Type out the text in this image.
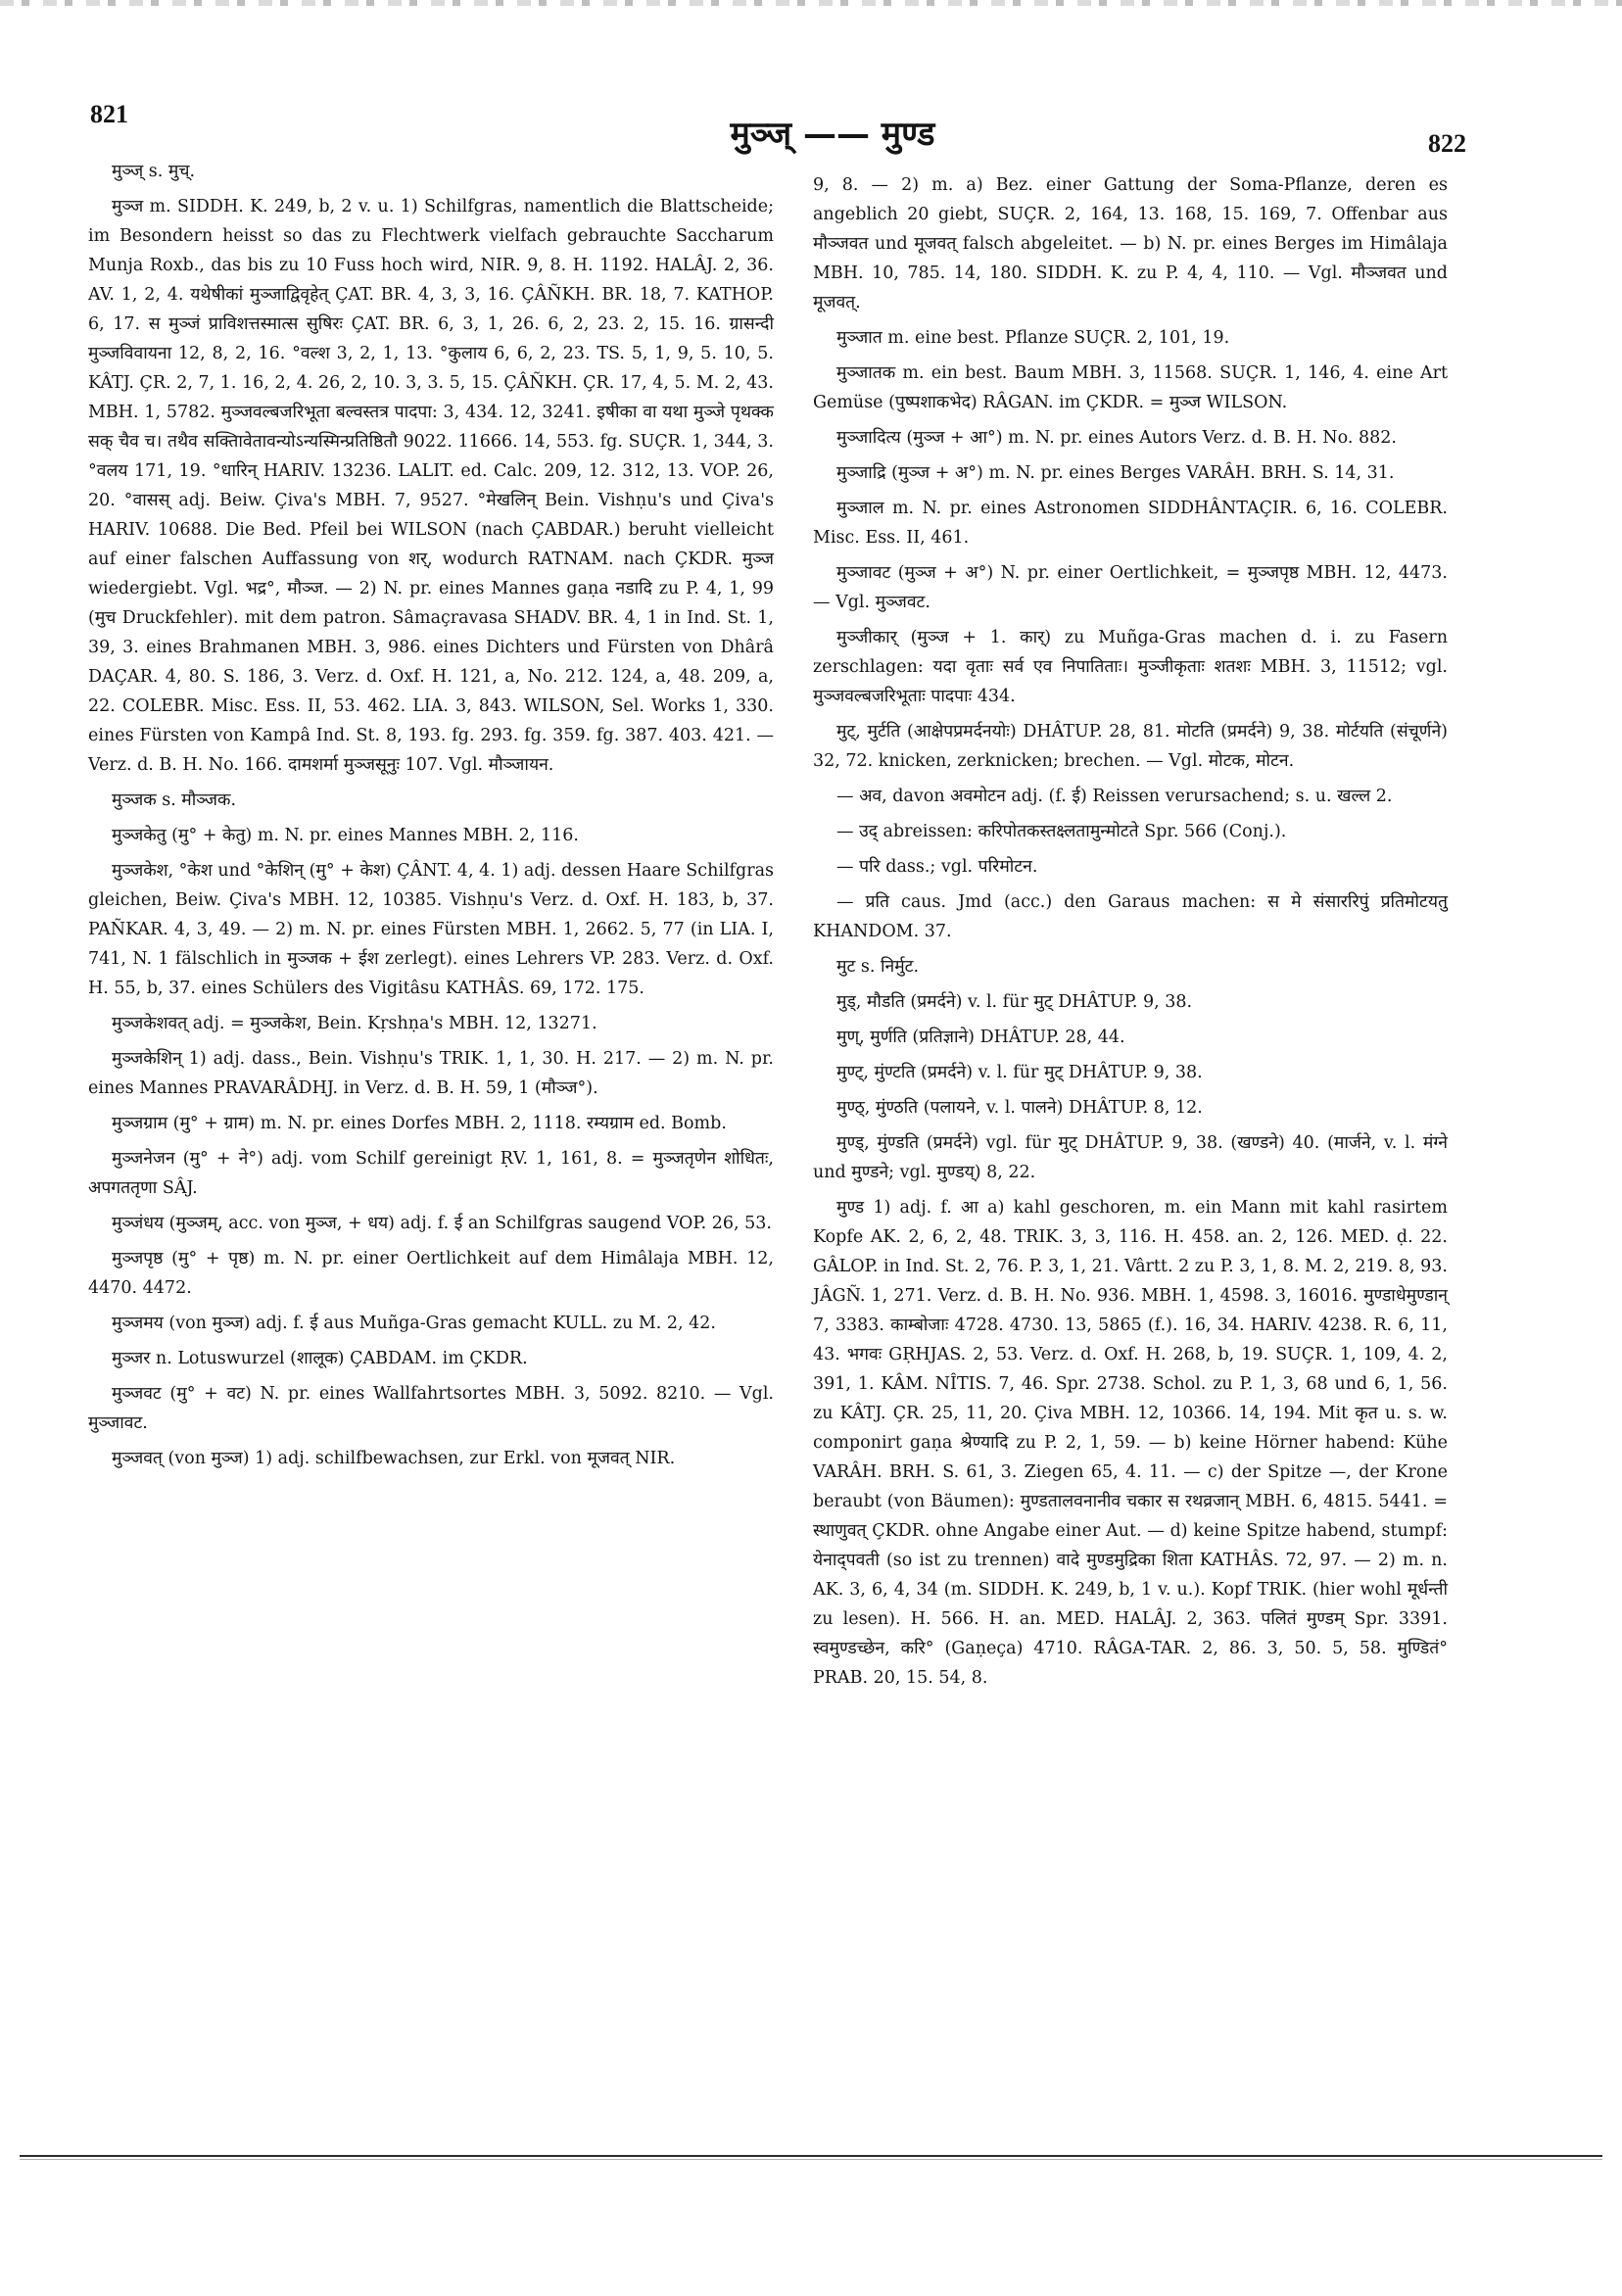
821
मुञ्ज् —— मुण्ड	822

मुञ्ज् s. मुच्.

मुञ्ज m. SIDDH. K. 249, b, 2 v. u. 1) Schilfgras, namentlich die Blattscheide; im Besondern heisst so das zu Flechtwerk vielfach gebrauchte Saccharum Munja Roxb., das bis zu 10 Fuss hoch wird, NIR. 9, 8. H. 1192. HALÂJ. 2, 36. AV. 1, 2, 4. यथेषीकां मुञ्जाद्विवृहेत् ÇAT. BR. 4, 3, 3, 16. ÇÂÑKH. BR. 18, 7. KATHOP. 6, 17. स मुञ्जं प्राविशत्तस्मात्स सुषिरः ÇAT. BR. 6, 3, 1, 26. 6, 2, 23. 2, 15. 16. ग्रासन्दी मुञ्जविवायना 12, 8, 2, 16. °वल्श 3, 2, 1, 13. °कुलाय 6, 6, 2, 23. TS. 5, 1, 9, 5. 10, 5. KÂTJ. ÇR. 2, 7, 1. 16, 2, 4. 26, 2, 10. 3, 3. 5, 15. ÇÂÑKH. ÇR. 17, 4, 5. M. 2, 43. MBH. 1, 5782. मुञ्जवल्बजरिभूता बल्वस्तत्र पादपा: 3, 434. 12, 3241. इषीका वा यथा मुञ्जे पृथक्क सक् चैव च। तथैव सक्तिावेतावन्योऽन्यस्मिन्प्रतिष्ठितौ 9022. 11666. 14, 553. fg. SUÇR. 1, 344, 3. °वलय 171, 19. °धारिन् HARIV. 13236. LALIT. ed. Calc. 209, 12. 312, 13. VOP. 26, 20. °वासस् adj. Beiw. Çiva's MBH. 7, 9527. °मेखलिन् Bein. Vishṇu's und Çiva's HARIV. 10688. Die Bed. Pfeil bei WILSON (nach ÇABDAR.) beruht vielleicht auf einer falschen Auffassung von शर्, wodurch RATNAM. nach ÇKDR. मुञ्ज wiedergiebt. Vgl. भद्र°, मौञ्ज. — 2) N. pr. eines Mannes gaṇa नडादि zu P. 4, 1, 99 (मुच Druckfehler). mit dem patron. Sâmaçravasa SHADV. BR. 4, 1 in Ind. St. 1, 39, 3. eines Brahmanen MBH. 3, 986. eines Dichters und Fürsten von Dhârâ DAÇAR. 4, 80. S. 186, 3. Verz. d. Oxf. H. 121, a, No. 212. 124, a, 48. 209, a, 22. COLEBR. Misc. Ess. II, 53. 462. LIA. 3, 843. WILSON, Sel. Works 1, 330. eines Fürsten von Kampâ Ind. St. 8, 193. fg. 293. fg. 359. fg. 387. 403. 421. — Verz. d. B. H. No. 166. दामशर्मा मुञ्जसूनुः 107. Vgl. मौञ्जायन.

मुञ्जक s. मौञ्जक.

मुञ्जकेतु (मु° + केतु) m. N. pr. eines Mannes MBH. 2, 116.

मुञ्जकेश, °केश und °केशिन् (मु° + केश) ÇÂNT. 4, 4. 1) adj. dessen Haare Schilfgras gleichen, Beiw. Çiva's MBH. 12, 10385. Vishṇu's Verz. d. Oxf. H. 183, b, 37. PAÑKAR. 4, 3, 49. — 2) m. N. pr. eines Fürsten MBH. 1, 2662. 5, 77 (in LIA. I, 741, N. 1 fälschlich in मुञ्जक + ईश zerlegt). eines Lehrers VP. 283. Verz. d. Oxf. H. 55, b, 37. eines Schülers des Vigitâsu KATHÂS. 69, 172. 175.

मुञ्जकेशवत् adj. = मुञ्जकेश, Bein. Kṛshṇa's MBH. 12, 13271.

मुञ्जकेशिन् 1) adj. dass., Bein. Vishṇu's TRIK. 1, 1, 30. H. 217. — 2) m. N. pr. eines Mannes PRAVARÂDHJ. in Verz. d. B. H. 59, 1 (मौञ्ज°).

मुञ्जग्राम (मु° + ग्राम) m. N. pr. eines Dorfes MBH. 2, 1118. रम्यग्राम ed. Bomb.

मुञ्जनेजन (मु° + ने°) adj. vom Schilf gereinigt ṚV. 1, 161, 8. = मुञ्जतृणेन शोधितः, अपगततृणा SÂJ.

मुञ्जंधय (मुञ्जम्, acc. von मुञ्ज, + धय) adj. f. ई an Schilfgras saugend VOP. 26, 53.

मुञ्जपृष्ठ (मु° + पृष्ठ) m. N. pr. einer Oertlichkeit auf dem Himâlaja MBH. 12, 4470. 4472.

मुञ्जमय (von मुञ्ज) adj. f. ई aus Muñga-Gras gemacht KULL. zu M. 2, 42.

मुञ्जर n. Lotuswurzel (शालूक) ÇABDAM. im ÇKDR.

मुञ्जवट (मु° + वट) N. pr. eines Wallfahrtsortes MBH. 3, 5092. 8210. — Vgl. मुञ्जावट.

मुञ्जवत् (von मुञ्ज) 1) adj. schilfbewachsen, zur Erkl. von मूजवत् NIR.

9, 8. — 2) m. a) Bez. einer Gattung der Soma-Pflanze, deren es angeblich 20 giebt, SUÇR. 2, 164, 13. 168, 15. 169, 7. Offenbar aus मौञ्जवत und मूजवत् falsch abgeleitet. — b) N. pr. eines Berges im Himâlaja MBH. 10, 785. 14, 180. SIDDH. K. zu P. 4, 4, 110. — Vgl. मौञ्जवत und मूजवत्.

मुञ्जात m. eine best. Pflanze SUÇR. 2, 101, 19.

मुञ्जातक m. ein best. Baum MBH. 3, 11568. SUÇR. 1, 146, 4. eine Art Gemüse (पुष्पशाकभेद) RÂGAN. im ÇKDR. = मुञ्ज WILSON.

मुञ्जादित्य (मुञ्ज + आ°) m. N. pr. eines Autors Verz. d. B. H. No. 882.

मुञ्जाद्रि (मुञ्ज + अ°) m. N. pr. eines Berges VARÂH. BRH. S. 14, 31.

मुञ्जाल m. N. pr. eines Astronomen SIDDHÂNTAÇIR. 6, 16. COLEBR. Misc. Ess. II, 461.

मुञ्जावट (मुञ्ज + अ°) N. pr. einer Oertlichkeit, = मुञ्जपृष्ठ MBH. 12, 4473. — Vgl. मुञ्जवट.

मुञ्जीकार् (मुञ्ज + 1. कार्) zu Muñga-Gras machen d. i. zu Fasern zerschlagen: यदा वृताः सर्व एव निपातिताः। मुञ्जीकृताः शतशः MBH. 3, 11512; vgl. मुञ्जवल्बजरिभूताः पादपाः 434.

मुट्, मुर्टति (आक्षेपप्रमर्दनयोः) DHÂTUP. 28, 81. मोटति (प्रमर्दने) 9, 38. मोर्टयति (संचूर्णने) 32, 72. knicken, zerknicken; brechen. — Vgl. मोटक, मोटन.

— अव, davon अवमोटन adj. (f. ई) Reissen verursachend; s. u. खल्ल 2.

— उद् abreissen: करिपोतकस्तक्ष्लतामुन्मोटते Spr. 566 (Conj.).

— परि dass.; vgl. परिमोटन.

— प्रति caus. Jmd (acc.) den Garaus machen: स मे संसाररिपुं प्रतिमोटयतु KHANDOM. 37.

मुट s. निर्मुट.

मुड्, मौडति (प्रमर्दने) v. l. für मुट् DHÂTUP. 9, 38.

मुण्, मुर्णति (प्रतिज्ञाने) DHÂTUP. 28, 44.

मुण्ट्, मुंण्टति (प्रमर्दने) v. l. für मुट् DHÂTUP. 9, 38.

मुण्ठ्, मुंण्ठति (पलायने, v. l. पालने) DHÂTUP. 8, 12.

मुण्ड्, मुंण्डति (प्रमर्दने) vgl. für मुट् DHÂTUP. 9, 38. (खण्डने) 40. (मार्जने, v. l. मंग्ने und मुण्डने; vgl. मुण्डय्) 8, 22.

मुण्ड 1) adj. f. आ a) kahl geschoren, m. ein Mann mit kahl rasirtem Kopfe AK. 2, 6, 2, 48. TRIK. 3, 3, 116. H. 458. an. 2, 126. MED. ḍ. 22. GÂLOP. in Ind. St. 2, 76. P. 3, 1, 21. Vârtt. 2 zu P. 3, 1, 8. M. 2, 219. 8, 93. JÂGÑ. 1, 271. Verz. d. B. H. No. 936. MBH. 1, 4598. 3, 16016. मुण्डाधेमुण्डान् 7, 3383. काम्बोजाः 4728. 4730. 13, 5865 (f.). 16, 34. HARIV. 4238. R. 6, 11, 43. भगवः GṚHJAS. 2, 53. Verz. d. Oxf. H. 268, b, 19. SUÇR. 1, 109, 4. 2, 391, 1. KÂM. NÎTIS. 7, 46. Spr. 2738. Schol. zu P. 1, 3, 68 und 6, 1, 56. zu KÂTJ. ÇR. 25, 11, 20. Çiva MBH. 12, 10366. 14, 194. Mit कृत u. s. w. componirt gaṇa श्रेण्यादि zu P. 2, 1, 59. — b) keine Hörner habend: Kühe VARÂH. BRH. S. 61, 3. Ziegen 65, 4. 11. — c) der Spitze —, der Krone beraubt (von Bäumen): मुण्डतालवनानीव चकार स रथव्रजान् MBH. 6, 4815. 5441. = स्थाणुवत् ÇKDR. ohne Angabe einer Aut. — d) keine Spitze habend, stumpf: येनाद्पवती (so ist zu trennen) वादे मुण्डमुद्रिका शिता KATHÂS. 72, 97. — 2) m. n. AK. 3, 6, 4, 34 (m. SIDDH. K. 249, b, 1 v. u.). Kopf TRIK. (hier wohl मूर्धन्ती zu lesen). H. 566. H. an. MED. HALÂJ. 2, 363. पलितं मुण्डम् Spr. 3391. स्वमुण्डच्छेन, करि° (Gaṇeça) 4710. RÂGA-TAR. 2, 86. 3, 50. 5, 58. मुण्डितं° PRAB. 20, 15. 54, 8.
